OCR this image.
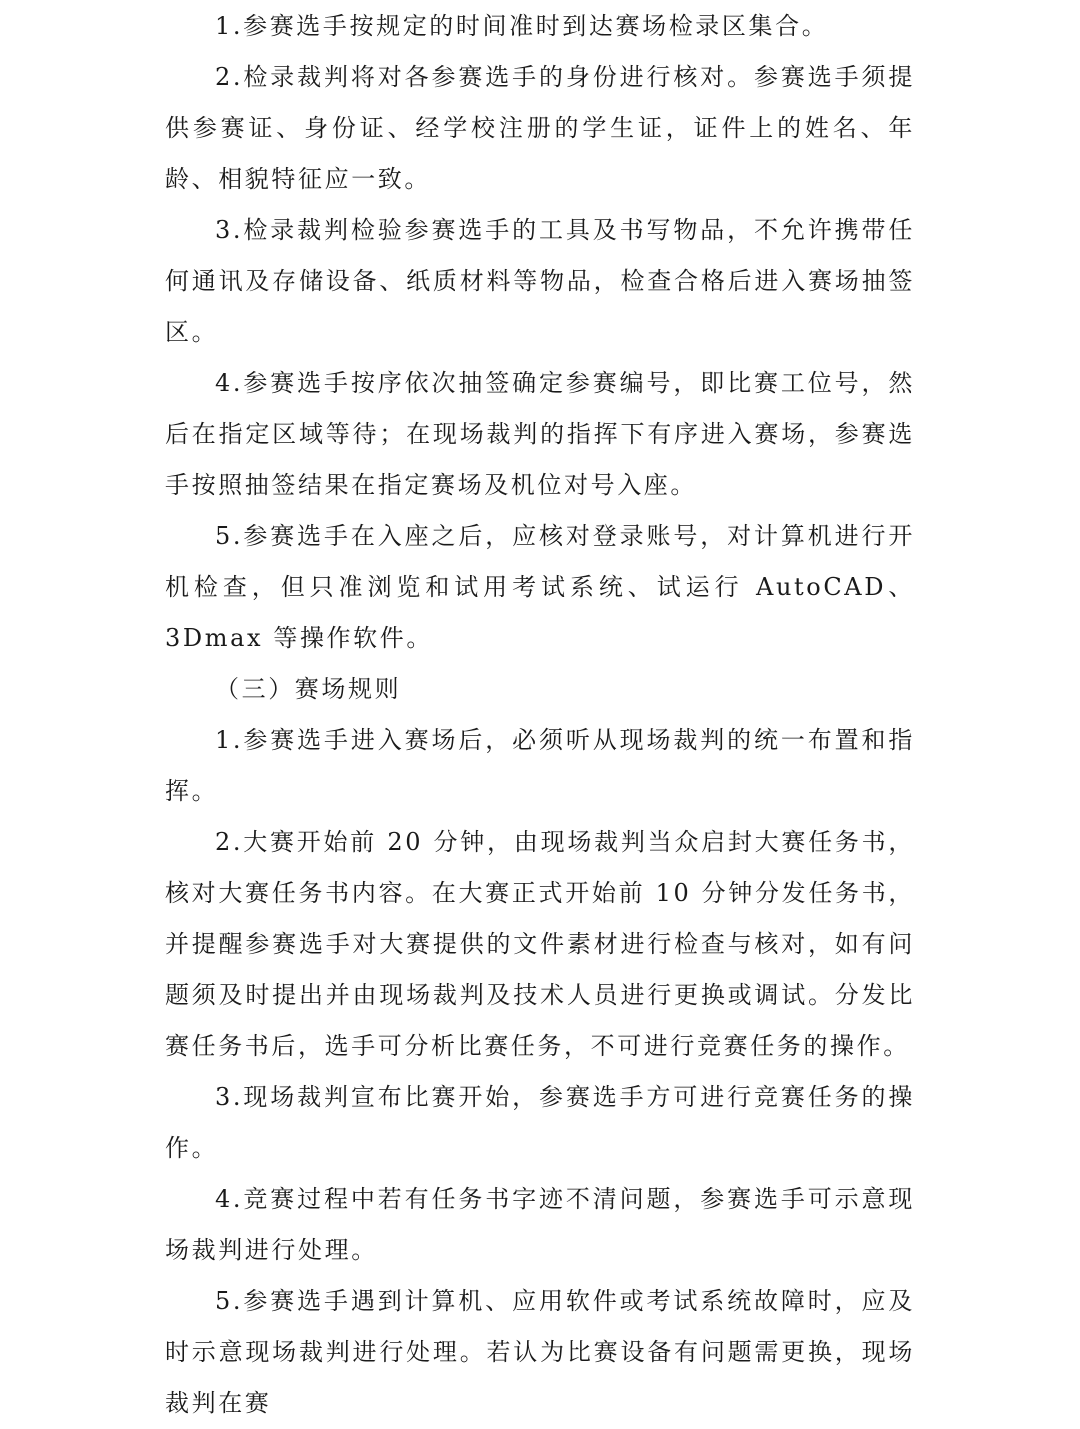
1.参赛选手按规定的时间准时到达赛场检录区集合。

2.检录裁判将对各参赛选手的身份进行核对。参赛选手须提供参赛证、身份证、经学校注册的学生证，证件上的姓名、年龄、相貌特征应一致。

3.检录裁判检验参赛选手的工具及书写物品，不允许携带任何通讯及存储设备、纸质材料等物品，检查合格后进入赛场抽签区。

4.参赛选手按序依次抽签确定参赛编号，即比赛工位号，然后在指定区域等待；在现场裁判的指挥下有序进入赛场，参赛选手按照抽签结果在指定赛场及机位对号入座。

5.参赛选手在入座之后，应核对登录账号，对计算机进行开机检查，但只准浏览和试用考试系统、试运行 AutoCAD、3Dmax 等操作软件。

（三）赛场规则

1.参赛选手进入赛场后，必须听从现场裁判的统一布置和指挥。

2.大赛开始前 20 分钟，由现场裁判当众启封大赛任务书，核对大赛任务书内容。在大赛正式开始前 10 分钟分发任务书，并提醒参赛选手对大赛提供的文件素材进行检查与核对，如有问题须及时提出并由现场裁判及技术人员进行更换或调试。分发比赛任务书后，选手可分析比赛任务，不可进行竞赛任务的操作。

3.现场裁判宣布比赛开始，参赛选手方可进行竞赛任务的操作。

4.竞赛过程中若有任务书字迹不清问题，参赛选手可示意现场裁判进行处理。

5.参赛选手遇到计算机、应用软件或考试系统故障时，应及时示意现场裁判进行处理。若认为比赛设备有问题需更换，现场裁判在赛
